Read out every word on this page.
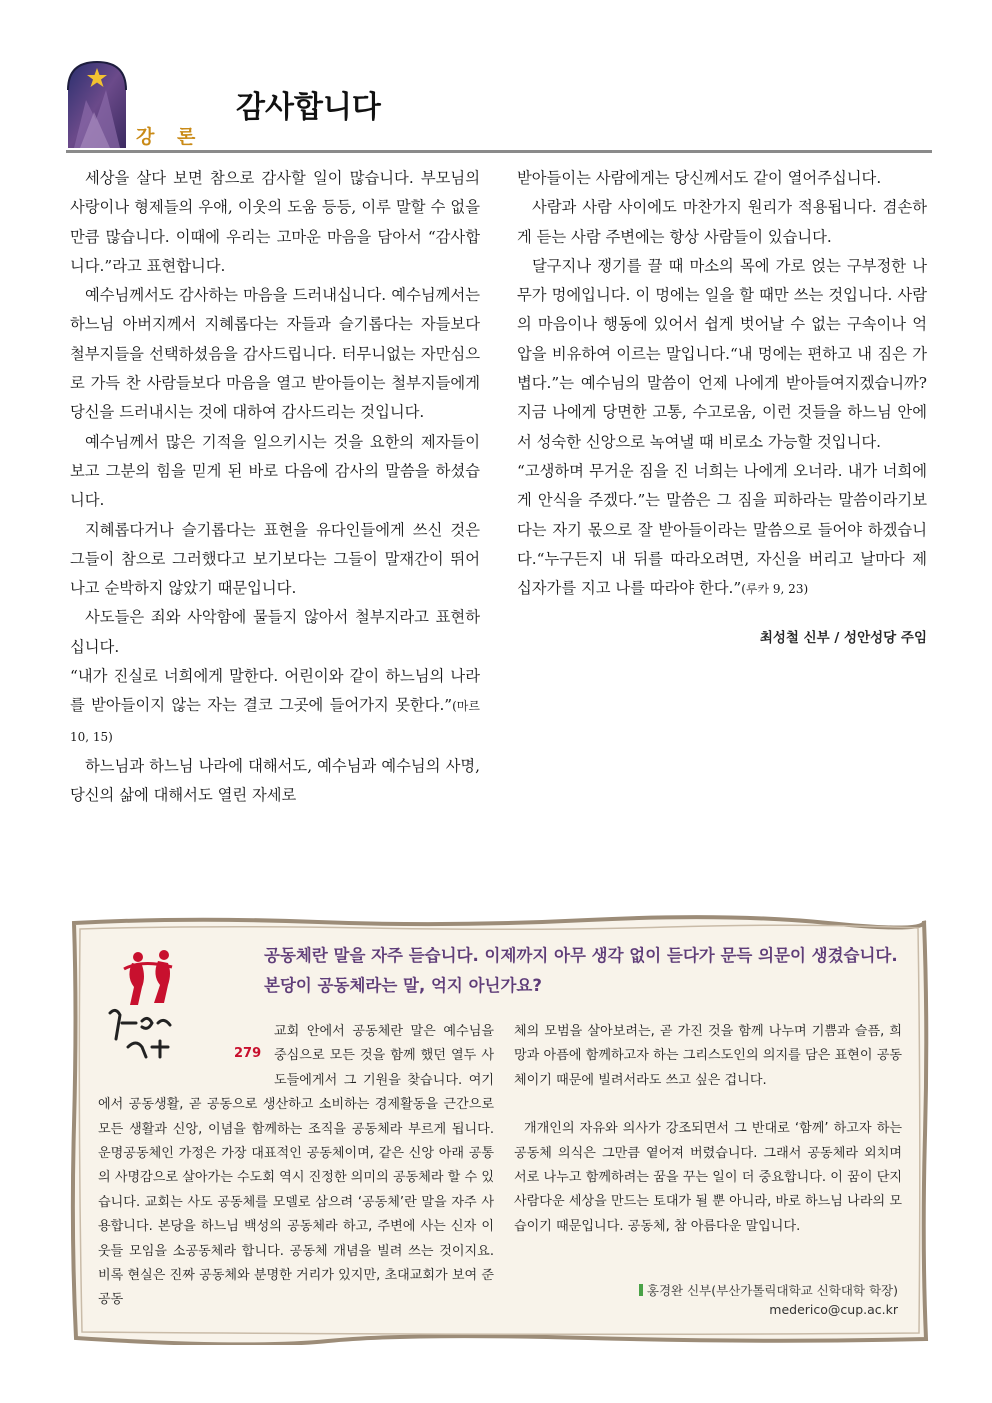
강 론
감사합니다

세상을 살다 보면 참으로 감사할 일이 많습니다. 부모님의 사랑이나 형제들의 우애, 이웃의 도움 등등, 이루 말할 수 없을 만큼 많습니다. 이때에 우리는 고마운 마음을 담아서 “감사합니다.”라고 표현합니다.

예수님께서도 감사하는 마음을 드러내십니다. 예수님께서는 하느님 아버지께서 지혜롭다는 자들과 슬기롭다는 자들보다 철부지들을 선택하셨음을 감사드립니다. 터무니없는 자만심으로 가득 찬 사람들보다 마음을 열고 받아들이는 철부지들에게 당신을 드러내시는 것에 대하여 감사드리는 것입니다.

예수님께서 많은 기적을 일으키시는 것을 요한의 제자들이 보고 그분의 힘을 믿게 된 바로 다음에 감사의 말씀을 하셨습니다.

지혜롭다거나 슬기롭다는 표현을 유다인들에게 쓰신 것은 그들이 참으로 그러했다고 보기보다는 그들이 말재간이 뛰어나고 순박하지 않았기 때문입니다.

사도들은 죄와 사악함에 물들지 않아서 철부지라고 표현하십니다.

“내가 진실로 너희에게 말한다. 어린이와 같이 하느님의 나라를 받아들이지 않는 자는 결코 그곳에 들어가지 못한다.”(마르 10, 15)

하느님과 하느님 나라에 대해서도, 예수님과 예수님의 사명, 당신의 삶에 대해서도 열린 자세로

받아들이는 사람에게는 당신께서도 같이 열어주십니다.

사람과 사람 사이에도 마찬가지 원리가 적용됩니다. 겸손하게 듣는 사람 주변에는 항상 사람들이 있습니다.

달구지나 쟁기를 끌 때 마소의 목에 가로 얹는 구부정한 나무가 멍에입니다. 이 멍에는 일을 할 때만 쓰는 것입니다. 사람의 마음이나 행동에 있어서 쉽게 벗어날 수 없는 구속이나 억압을 비유하여 이르는 말입니다.“내 멍에는 편하고 내 짐은 가볍다.”는 예수님의 말씀이 언제 나에게 받아들여지겠습니까? 지금 나에게 당면한 고통, 수고로움, 이런 것들을 하느님 안에서 성숙한 신앙으로 녹여낼 때 비로소 가능할 것입니다.

“고생하며 무거운 짐을 진 너희는 나에게 오너라. 내가 너희에게 안식을 주겠다.”는 말씀은 그 짐을 피하라는 말씀이라기보다는 자기 몫으로 잘 받아들이라는 말씀으로 들어야 하겠습니다.“누구든지 내 뒤를 따라오려면, 자신을 버리고 날마다 제 십자가를 지고 나를 따라야 한다.”(루카 9, 23)

최성철 신부 / 성안성당 주임
279

공동체란 말을 자주 듣습니다. 이제까지 아무 생각 없이 듣다가 문득 의문이 생겼습니다. 본당이 공동체라는 말, 억지 아닌가요?

교회 안에서 공동체란 말은 예수님을 중심으로 모든 것을 함께 했던 열두 사도들에게서 그 기원을 찾습니다. 여기에서 공동생활, 곧 공동으로 생산하고 소비하는 경제활동을 근간으로 모든 생활과 신앙, 이념을 함께하는 조직을 공동체라 부르게 됩니다. 운명공동체인 가정은 가장 대표적인 공동체이며, 같은 신앙 아래 공통의 사명감으로 살아가는 수도회 역시 진정한 의미의 공동체라 할 수 있습니다. 교회는 사도 공동체를 모델로 삼으려 ‘공동체’란 말을 자주 사용합니다. 본당을 하느님 백성의 공동체라 하고, 주변에 사는 신자 이웃들 모임을 소공동체라 합니다. 공동체 개념을 빌려 쓰는 것이지요. 비록 현실은 진짜 공동체와 분명한 거리가 있지만, 초대교회가 보여 준 공동

체의 모범을 살아보려는, 곧 가진 것을 함께 나누며 기쁨과 슬픔, 희망과 아픔에 함께하고자 하는 그리스도인의 의지를 담은 표현이 공동체이기 때문에 빌려서라도 쓰고 싶은 겁니다.

개개인의 자유와 의사가 강조되면서 그 반대로 ‘함께’ 하고자 하는 공동체 의식은 그만큼 옅어져 버렸습니다. 그래서 공동체라 외치며 서로 나누고 함께하려는 꿈을 꾸는 일이 더 중요합니다. 이 꿈이 단지 사람다운 세상을 만드는 토대가 될 뿐 아니라, 바로 하느님 나라의 모습이기 때문입니다. 공동체, 참 아름다운 말입니다.

홍경완 신부(부산가톨릭대학교 신학대학 학장)
mederico@cup.ac.kr
